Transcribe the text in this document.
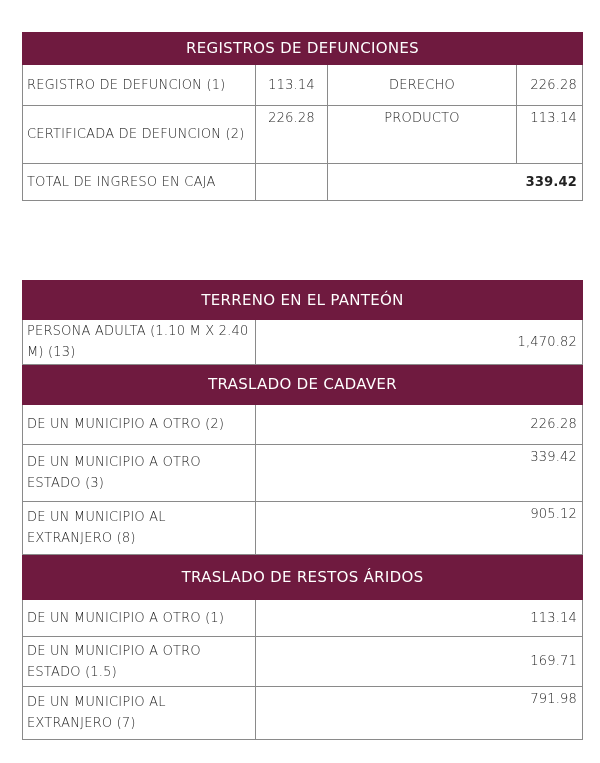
REGISTROS DE DEFUNCIONES			
REGISTRO DE DEFUNCION (1)	113.14	DERECHO	226.28
CERTIFICADA DE DEFUNCION (2)	226.28	PRODUCTO	113.14
TOTAL DE INGRESO EN CAJA		339.42	
TERRENO EN EL PANTEÓN	
PERSONA ADULTA (1.10 M X 2.40 M) (13)	1,470.82
TRASLADO DE CADAVER	
DE UN MUNICIPIO A OTRO (2)	226.28
DE UN MUNICIPIO A OTRO ESTADO (3)	339.42
DE UN MUNICIPIO AL EXTRANJERO (8)	905.12
TRASLADO DE RESTOS ÁRIDOS	
DE UN MUNICIPIO A OTRO (1)	113.14
DE UN MUNICIPIO A OTRO ESTADO (1.5)	169.71
DE UN MUNICIPIO AL EXTRANJERO (7)	791.98
